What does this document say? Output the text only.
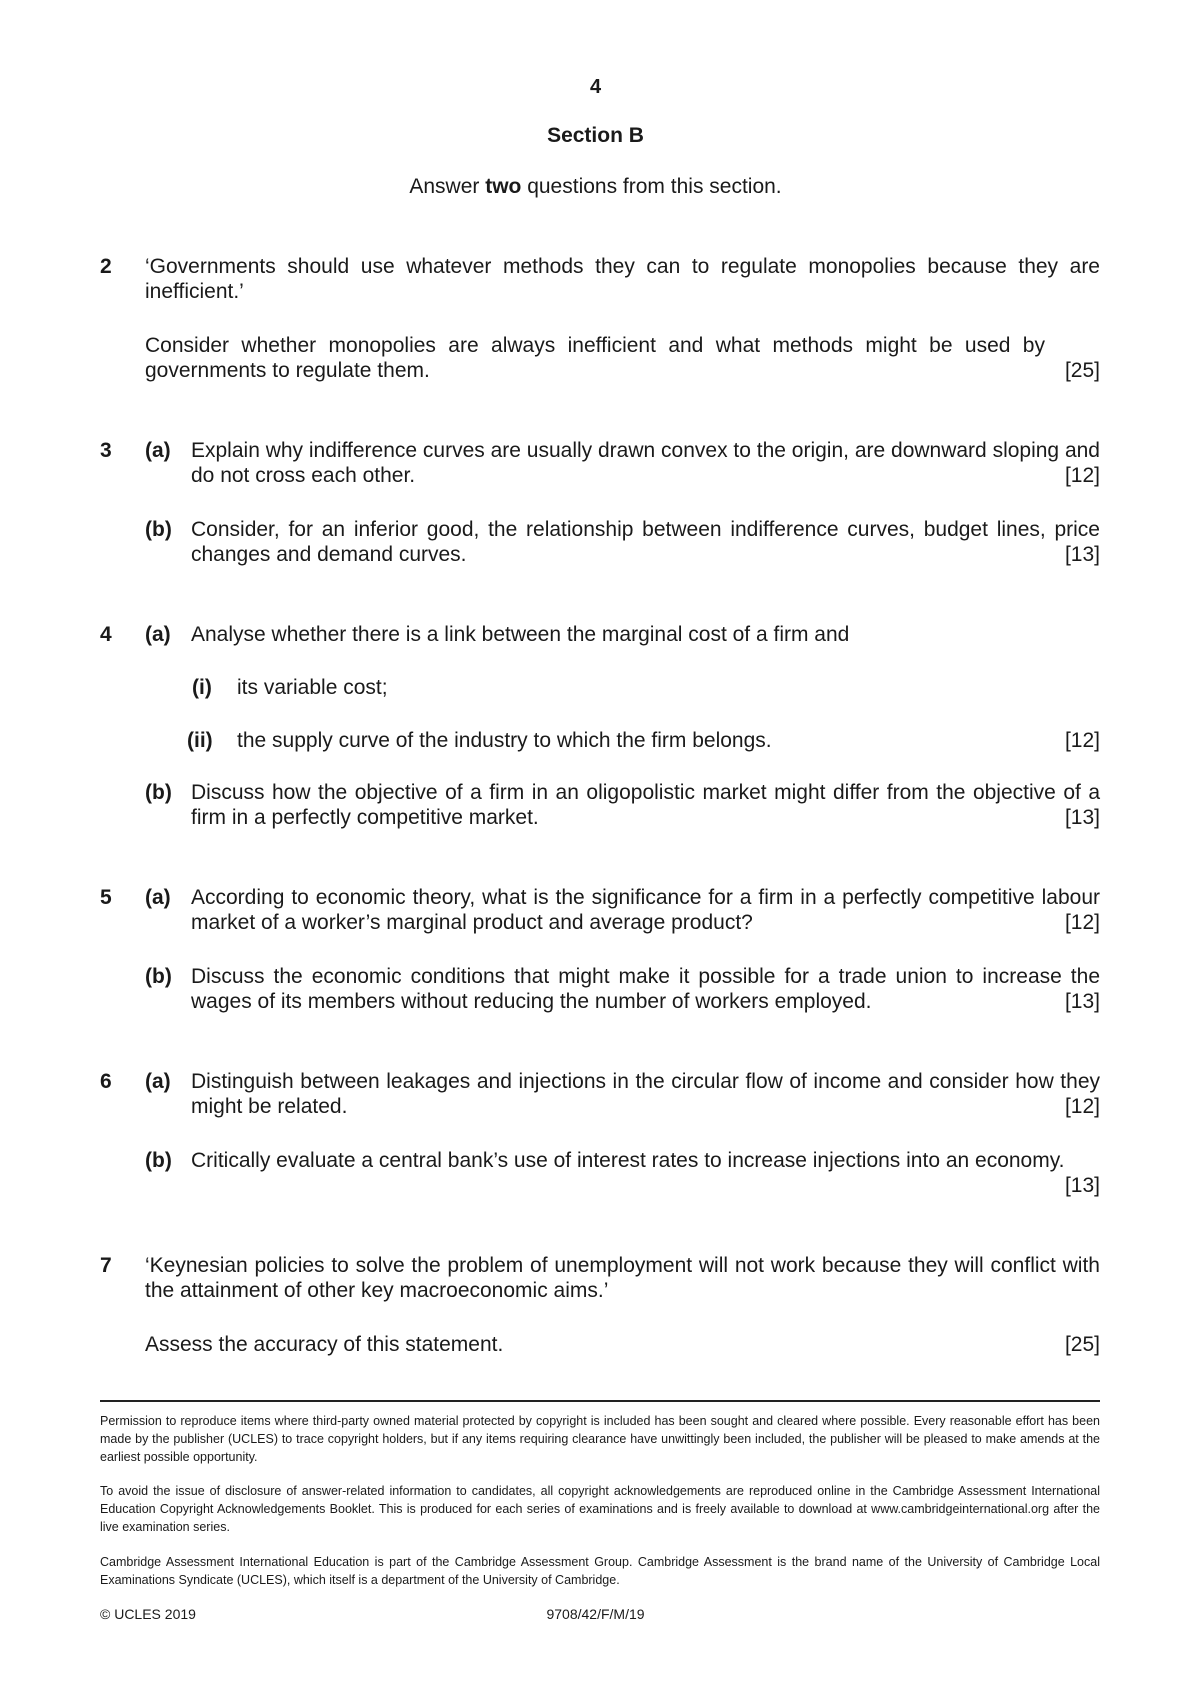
4
Section B
Answer two questions from this section.
2 ‘Governments should use whatever methods they can to regulate monopolies because they are inefficient.’
Consider whether monopolies are always inefficient and what methods might be used by governments to regulate them.	[25]
3 (a) Explain why indifference curves are usually drawn convex to the origin, are downward sloping and do not cross each other.	[12]
(b) Consider, for an inferior good, the relationship between indifference curves, budget lines, price changes and demand curves.	[13]
4 (a) Analyse whether there is a link between the marginal cost of a firm and
(i) its variable cost;
(ii) the supply curve of the industry to which the firm belongs.	[12]
(b) Discuss how the objective of a firm in an oligopolistic market might differ from the objective of a firm in a perfectly competitive market.	[13]
5 (a) According to economic theory, what is the significance for a firm in a perfectly competitive labour market of a worker’s marginal product and average product?	[12]
(b) Discuss the economic conditions that might make it possible for a trade union to increase the wages of its members without reducing the number of workers employed.	[13]
6 (a) Distinguish between leakages and injections in the circular flow of income and consider how they might be related.	[12]
(b) Critically evaluate a central bank’s use of interest rates to increase injections into an economy.
[13]
7 ‘Keynesian policies to solve the problem of unemployment will not work because they will conflict with the attainment of other key macroeconomic aims.’
Assess the accuracy of this statement.	[25]
Permission to reproduce items where third-party owned material protected by copyright is included has been sought and cleared where possible. Every reasonable effort has been made by the publisher (UCLES) to trace copyright holders, but if any items requiring clearance have unwittingly been included, the publisher will be pleased to make amends at the earliest possible opportunity.
To avoid the issue of disclosure of answer-related information to candidates, all copyright acknowledgements are reproduced online in the Cambridge Assessment International Education Copyright Acknowledgements Booklet. This is produced for each series of examinations and is freely available to download at www.cambridgeinternational.org after the live examination series.
Cambridge Assessment International Education is part of the Cambridge Assessment Group. Cambridge Assessment is the brand name of the University of Cambridge Local Examinations Syndicate (UCLES), which itself is a department of the University of Cambridge.
© UCLES 2019	9708/42/F/M/19
